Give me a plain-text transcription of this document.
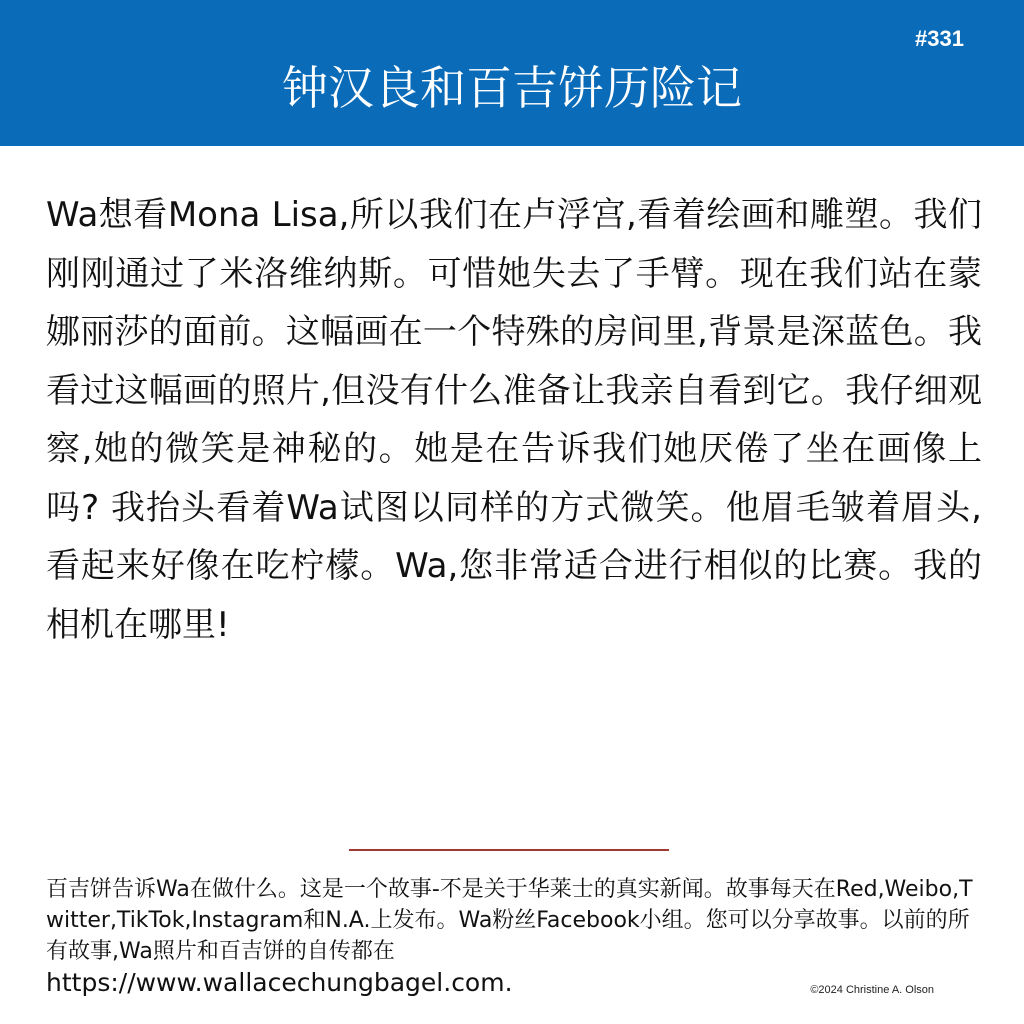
#331
钟汉良和百吉饼历险记

Wa想看Mona Lisa,所以我们在卢浮宫,看着绘画和雕塑。我们刚刚通过了米洛维纳斯。可惜她失去了手臂。现在我们站在蒙娜丽莎的面前。这幅画在一个特殊的房间里,背景是深蓝色。我看过这幅画的照片,但没有什么准备让我亲自看到它。我仔细观察,她的微笑是神秘的。她是在告诉我们她厌倦了坐在画像上吗? 我抬头看着Wa试图以同样的方式微笑。他眉毛皱着眉头,看起来好像在吃柠檬。Wa,您非常适合进行相似的比赛。我的相机在哪里!

百吉饼告诉Wa在做什么。这是一个故事-不是关于华莱士的真实新闻。故事每天在Red,Weibo,Twitter,TikTok,Instagram和N.A.上发布。Wa粉丝Facebook小组。您可以分享故事。以前的所有故事,Wa照片和百吉饼的自传都在
https://www.wallacechungbagel.com.	©2024 Christine A. Olson
